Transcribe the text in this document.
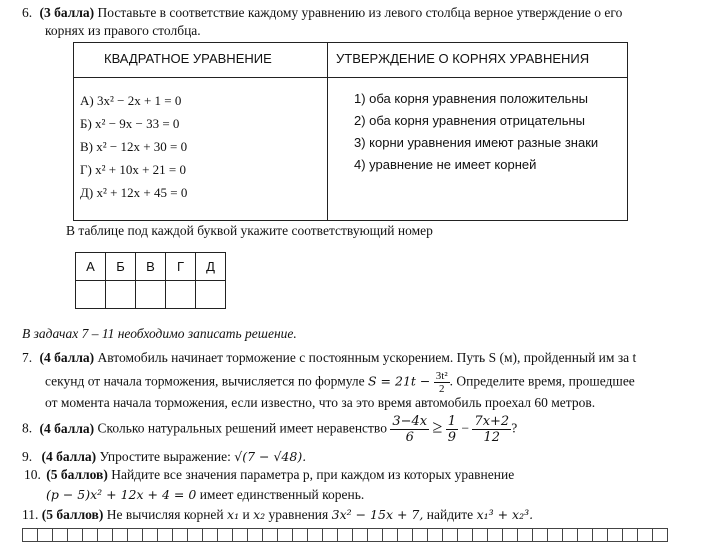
6. (3 балла) Поставьте в соответствие каждому уравнению из левого столбца верное утверждение о его
корнях из правого столбца.
КВАДРАТНОЕ УРАВНЕНИЕ	УТВЕРЖДЕНИЕ О КОРНЯХ УРАВНЕНИЯ
А) 3x² − 2x + 1 = 0
Б) x² − 9x − 33 = 0
В) x² − 12x + 30 = 0
Г) x² + 10x + 21 = 0
Д) x² + 12x + 45 = 0
1) оба корня уравнения положительны
2) оба корня уравнения отрицательны
3) корни уравнения имеют разные знаки
4) уравнение не имеет корней
В таблице под каждой буквой укажите соответствующий номер
А	Б	В	Г	Д

В задачах 7 – 11 необходимо записать решение.
7. (4 балла) Автомобиль начинает торможение с постоянным ускорением. Путь S (м), пройденный им за t
секунд от начала торможения, вычисляется по формуле $S = 21t - \frac{\text{3t²}}{2}$ . Определите время, прошедшее
от момента начала торможения, если известно, что за это время автомобиль проехал 60 метров.
8. (4 балла) Сколько натуральных решений имеет неравенство $\frac{3-4x}{6} \ge \frac{1}{9} - \frac{7x+2}{12}$ ?
9. (4 балла) Упростите выражение: √(7 − √48).
10. (5 баллов) Найдите все значения параметра р, при каждом из которых уравнение
(p − 5)x² + 12x + 4 = 0 имеет единственный корень.
11. (5 баллов) Не вычисляя корней x₁ и x₂ уравнения 3x² − 15x + 7, найдите x₁³ + x₂³.
